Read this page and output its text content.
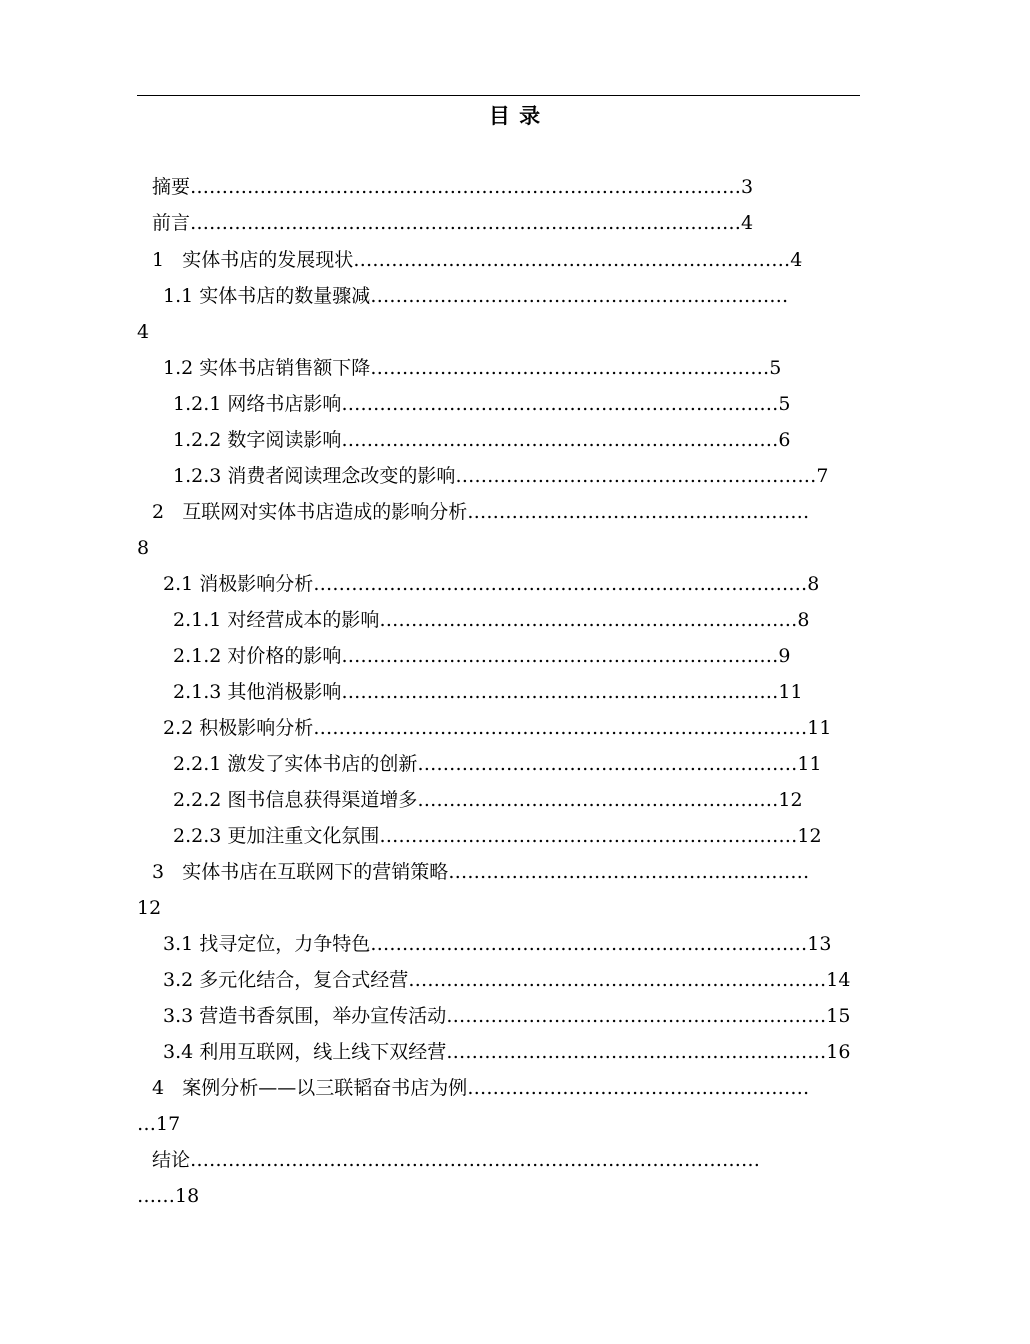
目 录
摘要……………………………………………………………………………3
前言……………………………………………………………………………4
1   实体书店的发展现状……………………………………………………………4
1.1 实体书店的数量骤减…………………………………………………………
4
1.2 实体书店销售额下降………………………………………………………5
1.2.1 网络书店影响……………………………………………………………5
1.2.2 数字阅读影响……………………………………………………………6
1.2.3 消费者阅读理念改变的影响…………………………………………………7
2   互联网对实体书店造成的影响分析………………………………………………
8
2.1 消极影响分析……………………………………………………………………8
2.1.1 对经营成本的影响…………………………………………………………8
2.1.2 对价格的影响……………………………………………………………9
2.1.3 其他消极影响……………………………………………………………11
2.2 积极影响分析……………………………………………………………………11
2.2.1 激发了实体书店的创新……………………………………………………11
2.2.2 图书信息获得渠道增多…………………………………………………12
2.2.3 更加注重文化氛围…………………………………………………………12
3   实体书店在互联网下的营销策略…………………………………………………
12
3.1 找寻定位，力争特色……………………………………………………………13
3.2 多元化结合，复合式经营…………………………………………………………14
3.3 营造书香氛围，举办宣传活动……………………………………………………15
3.4 利用互联网，线上线下双经营……………………………………………………16
4   案例分析——以三联韬奋书店为例………………………………………………
…17
结论………………………………………………………………………………
……18
